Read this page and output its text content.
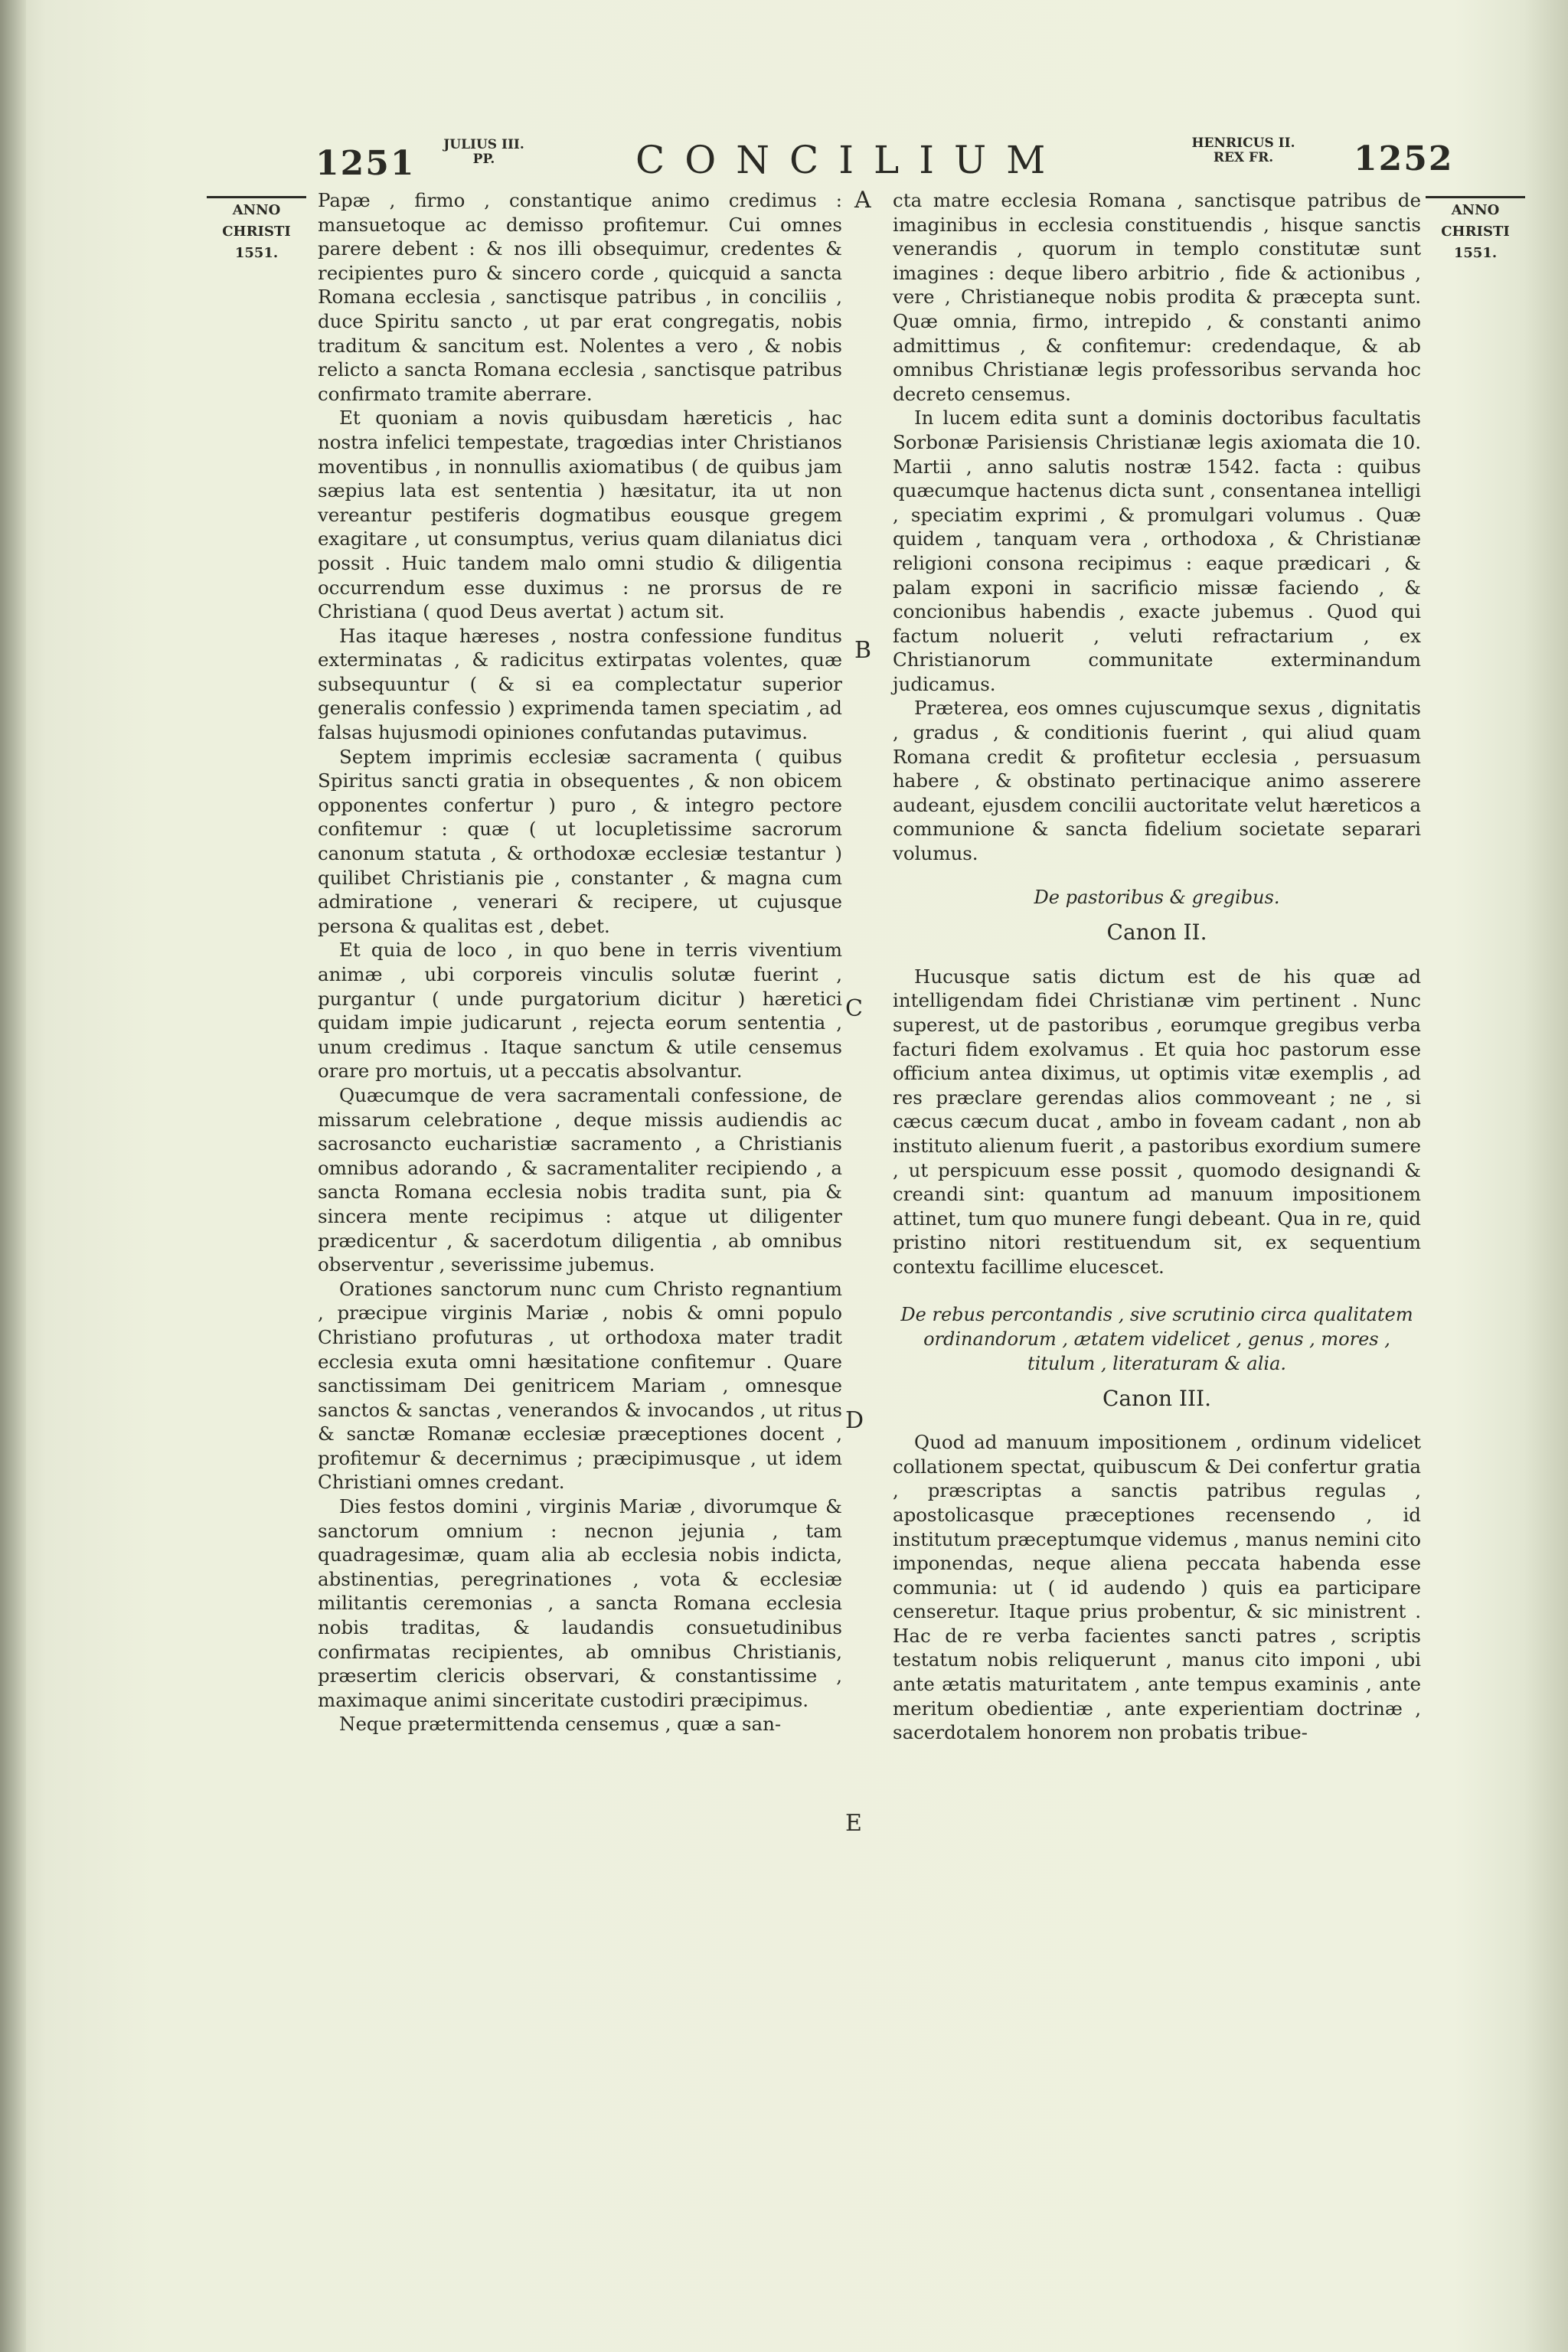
1251	JULIUS III. PP.	CONCILIUM	HENRICUS II. REX FR.	1252
ANNO
CHRISTI
1551.
ANNO
CHRISTI
1551.
A
B
C
D
E

Papæ , firmo , constantique animo credimus : mansuetoque ac demisso profitemur. Cui omnes parere debent : & nos illi obsequimur, credentes & recipientes puro & sincero corde , quicquid a sancta Romana ecclesia , sanctisque patribus , in conciliis , duce Spiritu sancto , ut par erat congregatis, nobis traditum & sancitum est. Nolentes a vero , & nobis relicto a sancta Romana ecclesia , sanctisque patribus confirmato tramite aberrare.

Et quoniam a novis quibusdam hæreticis , hac nostra infelici tempestate, tragœdias inter Christianos moventibus , in nonnullis axiomatibus ( de quibus jam sæpius lata est sententia ) hæsitatur, ita ut non vereantur pestiferis dogmatibus eousque gregem exagitare , ut consumptus, verius quam dilaniatus dici possit . Huic tandem malo omni studio & diligentia occurrendum esse duximus : ne prorsus de re Christiana ( quod Deus avertat ) actum sit.

Has itaque hæreses , nostra confessione funditus exterminatas , & radicitus extirpatas volentes, quæ subsequuntur ( & si ea complectatur superior generalis confessio ) exprimenda tamen speciatim , ad falsas hujusmodi opiniones confutandas putavimus.

Septem imprimis ecclesiæ sacramenta ( quibus Spiritus sancti gratia in obsequentes , & non obicem opponentes confertur ) puro , & integro pectore confitemur : quæ ( ut locupletissime sacrorum canonum statuta , & orthodoxæ ecclesiæ testantur ) quilibet Christianis pie , constanter , & magna cum admiratione , venerari & recipere, ut cujusque persona & qualitas est , debet.

Et quia de loco , in quo bene in terris viventium animæ , ubi corporeis vinculis solutæ fuerint , purgantur ( unde purgatorium dicitur ) hæretici quidam impie judicarunt , rejecta eorum sententia , unum credimus . Itaque sanctum & utile censemus orare pro mortuis, ut a peccatis absolvantur.

Quæcumque de vera sacramentali confessione, de missarum celebratione , deque missis audiendis ac sacrosancto eucharistiæ sacramento , a Christianis omnibus adorando , & sacramentaliter recipiendo , a sancta Romana ecclesia nobis tradita sunt, pia & sincera mente recipimus : atque ut diligenter prædicentur , & sacerdotum diligentia , ab omnibus observentur , severissime jubemus.

Orationes sanctorum nunc cum Christo regnantium , præcipue virginis Mariæ , nobis & omni populo Christiano profuturas , ut orthodoxa mater tradit ecclesia exuta omni hæsitatione confitemur . Quare sanctissimam Dei genitricem Mariam , omnesque sanctos & sanctas , venerandos & invocandos , ut ritus & sanctæ Romanæ ecclesiæ præceptiones docent , profitemur & decernimus ; præcipimusque , ut idem Christiani omnes credant.

Dies festos domini , virginis Mariæ , divorumque & sanctorum omnium : necnon jejunia , tam quadragesimæ, quam alia ab ecclesia nobis indicta, abstinentias, peregrinationes , vota & ecclesiæ militantis ceremonias , a sancta Romana ecclesia nobis traditas, & laudandis consuetudinibus confirmatas recipientes, ab omnibus Christianis, præsertim clericis observari, & constantissime , maximaque animi sinceritate custodiri præcipimus.

Neque prætermittenda censemus , quæ a san-

cta matre ecclesia Romana , sanctisque patribus de imaginibus in ecclesia constituendis , hisque sanctis venerandis , quorum in templo constitutæ sunt imagines : deque libero arbitrio , fide & actionibus , vere , Christianeque nobis prodita & præcepta sunt. Quæ omnia, firmo, intrepido , & constanti animo admittimus , & confitemur: credendaque, & ab omnibus Christianæ legis professoribus servanda hoc decreto censemus.

In lucem edita sunt a dominis doctoribus facultatis Sorbonæ Parisiensis Christianæ legis axiomata die 10. Martii , anno salutis nostræ 1542. facta : quibus quæcumque hactenus dicta sunt , consentanea intelligi , speciatim exprimi , & promulgari volumus . Quæ quidem , tanquam vera , orthodoxa , & Christianæ religioni consona recipimus : eaque prædicari , & palam exponi in sacrificio missæ faciendo , & concionibus habendis , exacte jubemus . Quod qui factum noluerit , veluti refractarium , ex Christianorum communitate exterminandum judicamus.

Præterea, eos omnes cujuscumque sexus , dignitatis , gradus , & conditionis fuerint , qui aliud quam Romana credit & profitetur ecclesia , persuasum habere , & obstinato pertinacique animo asserere audeant, ejusdem concilii auctoritate velut hæreticos a communione & sancta fidelium societate separari volumus.

De pastoribus & gregibus.
Canon II.

Hucusque satis dictum est de his quæ ad intelligendam fidei Christianæ vim pertinent . Nunc superest, ut de pastoribus , eorumque gregibus verba facturi fidem exolvamus . Et quia hoc pastorum esse officium antea diximus, ut optimis vitæ exemplis , ad res præclare gerendas alios commoveant ; ne , si cæcus cæcum ducat , ambo in foveam cadant , non ab instituto alienum fuerit , a pastoribus exordium sumere , ut perspicuum esse possit , quomodo designandi & creandi sint: quantum ad manuum impositionem attinet, tum quo munere fungi debeant. Qua in re, quid pristino nitori restituendum sit, ex sequentium contextu facillime elucescet.

De rebus percontandis , sive scrutinio circa qualitatem ordinandorum , ætatem videlicet , genus , mores , titulum , literaturam & alia.
Canon III.

Quod ad manuum impositionem , ordinum videlicet collationem spectat, quibuscum & Dei confertur gratia , præscriptas a sanctis patribus regulas , apostolicasque præceptiones recensendo , id institutum præceptumque videmus , manus nemini cito imponendas, neque aliena peccata habenda esse communia: ut ( id audendo ) quis ea participare censeretur. Itaque prius probentur, & sic ministrent . Hac de re verba facientes sancti patres , scriptis testatum nobis reliquerunt , manus cito imponi , ubi ante ætatis maturitatem , ante tempus examinis , ante meritum obedientiæ , ante experientiam doctrinæ , sacerdotalem honorem non probatis tribue-
